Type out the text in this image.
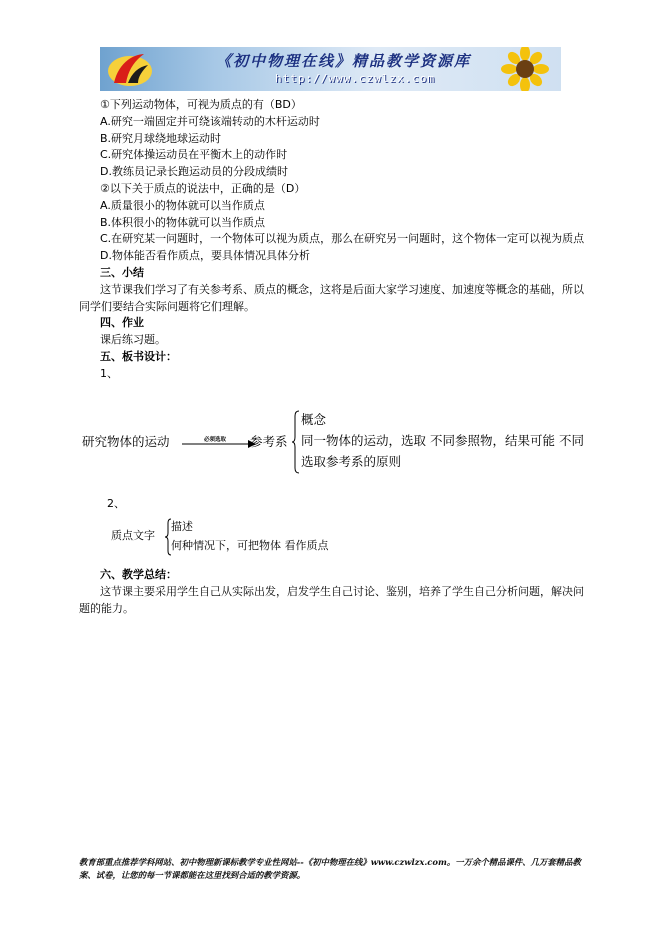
《初中物理在线》精品教学资源库
http://www.czwlzx.com
①下列运动物体，可视为质点的有（BD）
A.研究一端固定并可绕该端转动的木杆运动时
B.研究月球绕地球运动时
C.研究体操运动员在平衡木上的动作时
D.教练员记录长跑运动员的分段成绩时
②以下关于质点的说法中，正确的是（D）
A.质量很小的物体就可以当作质点
B.体积很小的物体就可以当作质点
C.在研究某一问题时，一个物体可以视为质点，那么在研究另一问题时，这个物体一定可以视为质点
D.物体能否看作质点，要具体情况具体分析
三、小结
这节课我们学习了有关参考系、质点的概念，这将是后面大家学习速度、加速度等概念的基础，所以同学们要结合实际问题将它们理解。
四、作业
课后练习题。
五、板书设计：
1、
研究物体的运动	必须选取 参考系
概念
同一物体的运动，选取 不同参照物，结果可能 不同
选取参考系的原则
2、
质点文字
描述
何种情况下，可把物体 看作质点
六、教学总结：
这节课主要采用学生自己从实际出发，启发学生自己讨论、鉴别，培养了学生自己分析问题，解决问题的能力。
教育部重点推荐学科网站、初中物理新课标教学专业性网站--《初中物理在线》www.czwlzx.com。一万余个精品课件、几万套精品教案、试卷，让您的每一节课都能在这里找到合适的教学资源。
